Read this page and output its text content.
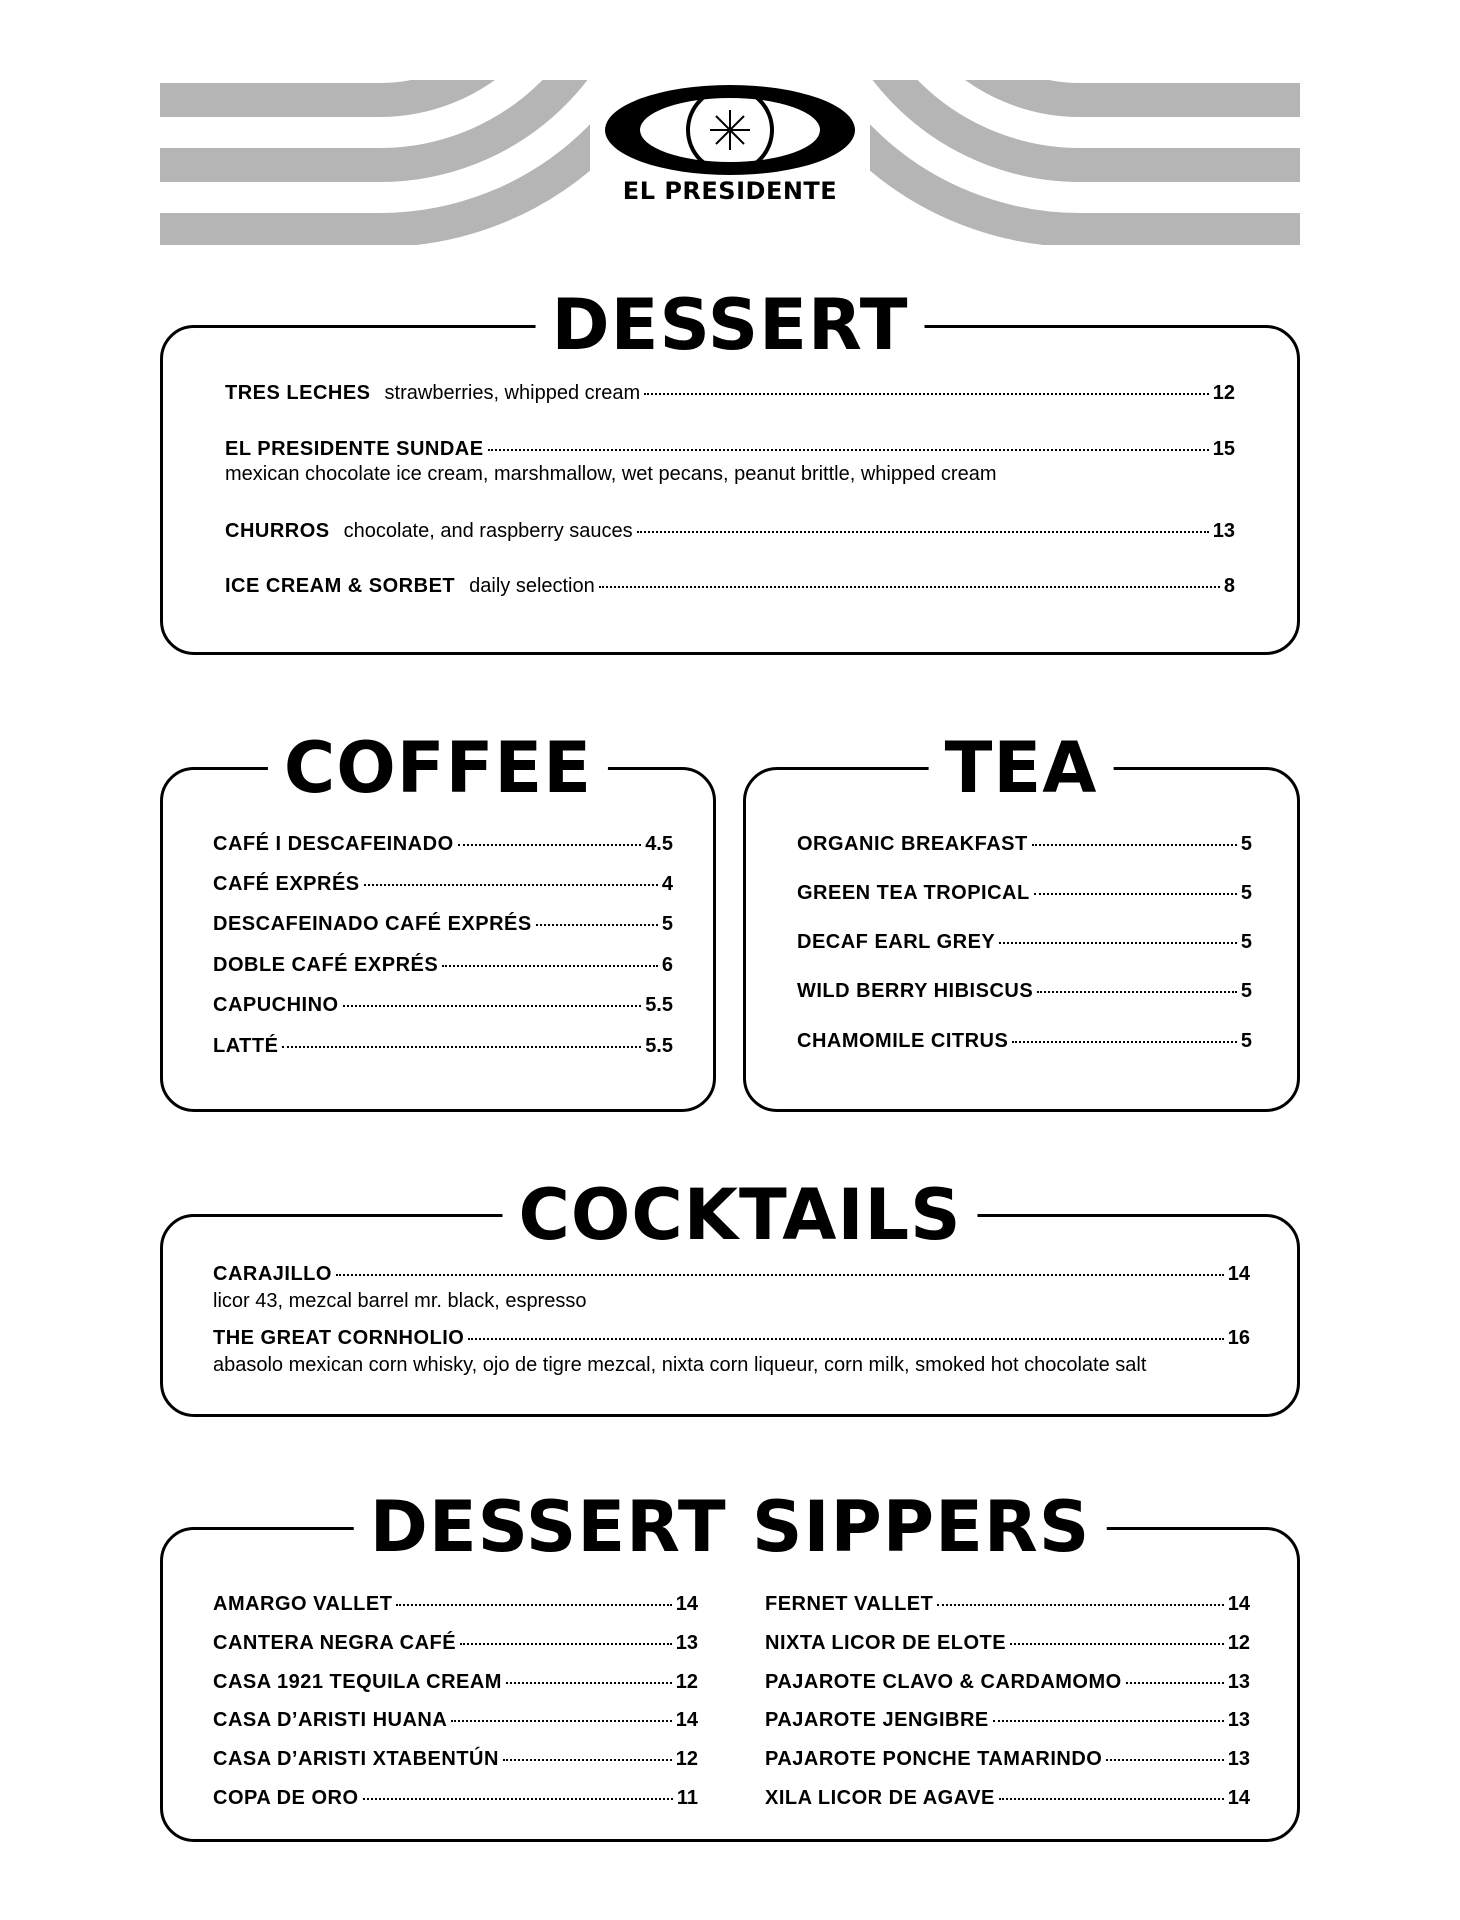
EL PRESIDENTE
DESSERT
TRES LECHES strawberries, whipped cream	12
EL PRESIDENTE SUNDAE	15
mexican chocolate ice cream, marshmallow, wet pecans, peanut brittle, whipped cream
CHURROS chocolate, and raspberry sauces	13
ICE CREAM & SORBET daily selection	8
COFFEE
CAFÉ I DESCAFEINADO	4.5
CAFÉ EXPRÉS	4
DESCAFEINADO CAFÉ EXPRÉS	5
DOBLE CAFÉ EXPRÉS	6
CAPUCHINO	5.5
LATTÉ	5.5
TEA
ORGANIC BREAKFAST	5
GREEN TEA TROPICAL	5
DECAF EARL GREY	5
WILD BERRY HIBISCUS	5
CHAMOMILE CITRUS	5
COCKTAILS
CARAJILLO	14
licor 43, mezcal barrel mr. black, espresso
THE GREAT CORNHOLIO	16
abasolo mexican corn whisky, ojo de tigre mezcal, nixta corn liqueur, corn milk, smoked hot chocolate salt
DESSERT SIPPERS
AMARGO VALLET	14
CANTERA NEGRA CAFÉ	13
CASA 1921 TEQUILA CREAM	12
CASA D’ARISTI HUANA	14
CASA D’ARISTI XTABENTÚN	12
COPA DE ORO	11
FERNET VALLET	14
NIXTA LICOR DE ELOTE	12
PAJAROTE CLAVO & CARDAMOMO	13
PAJAROTE JENGIBRE	13
PAJAROTE PONCHE TAMARINDO	13
XILA LICOR DE AGAVE	14
